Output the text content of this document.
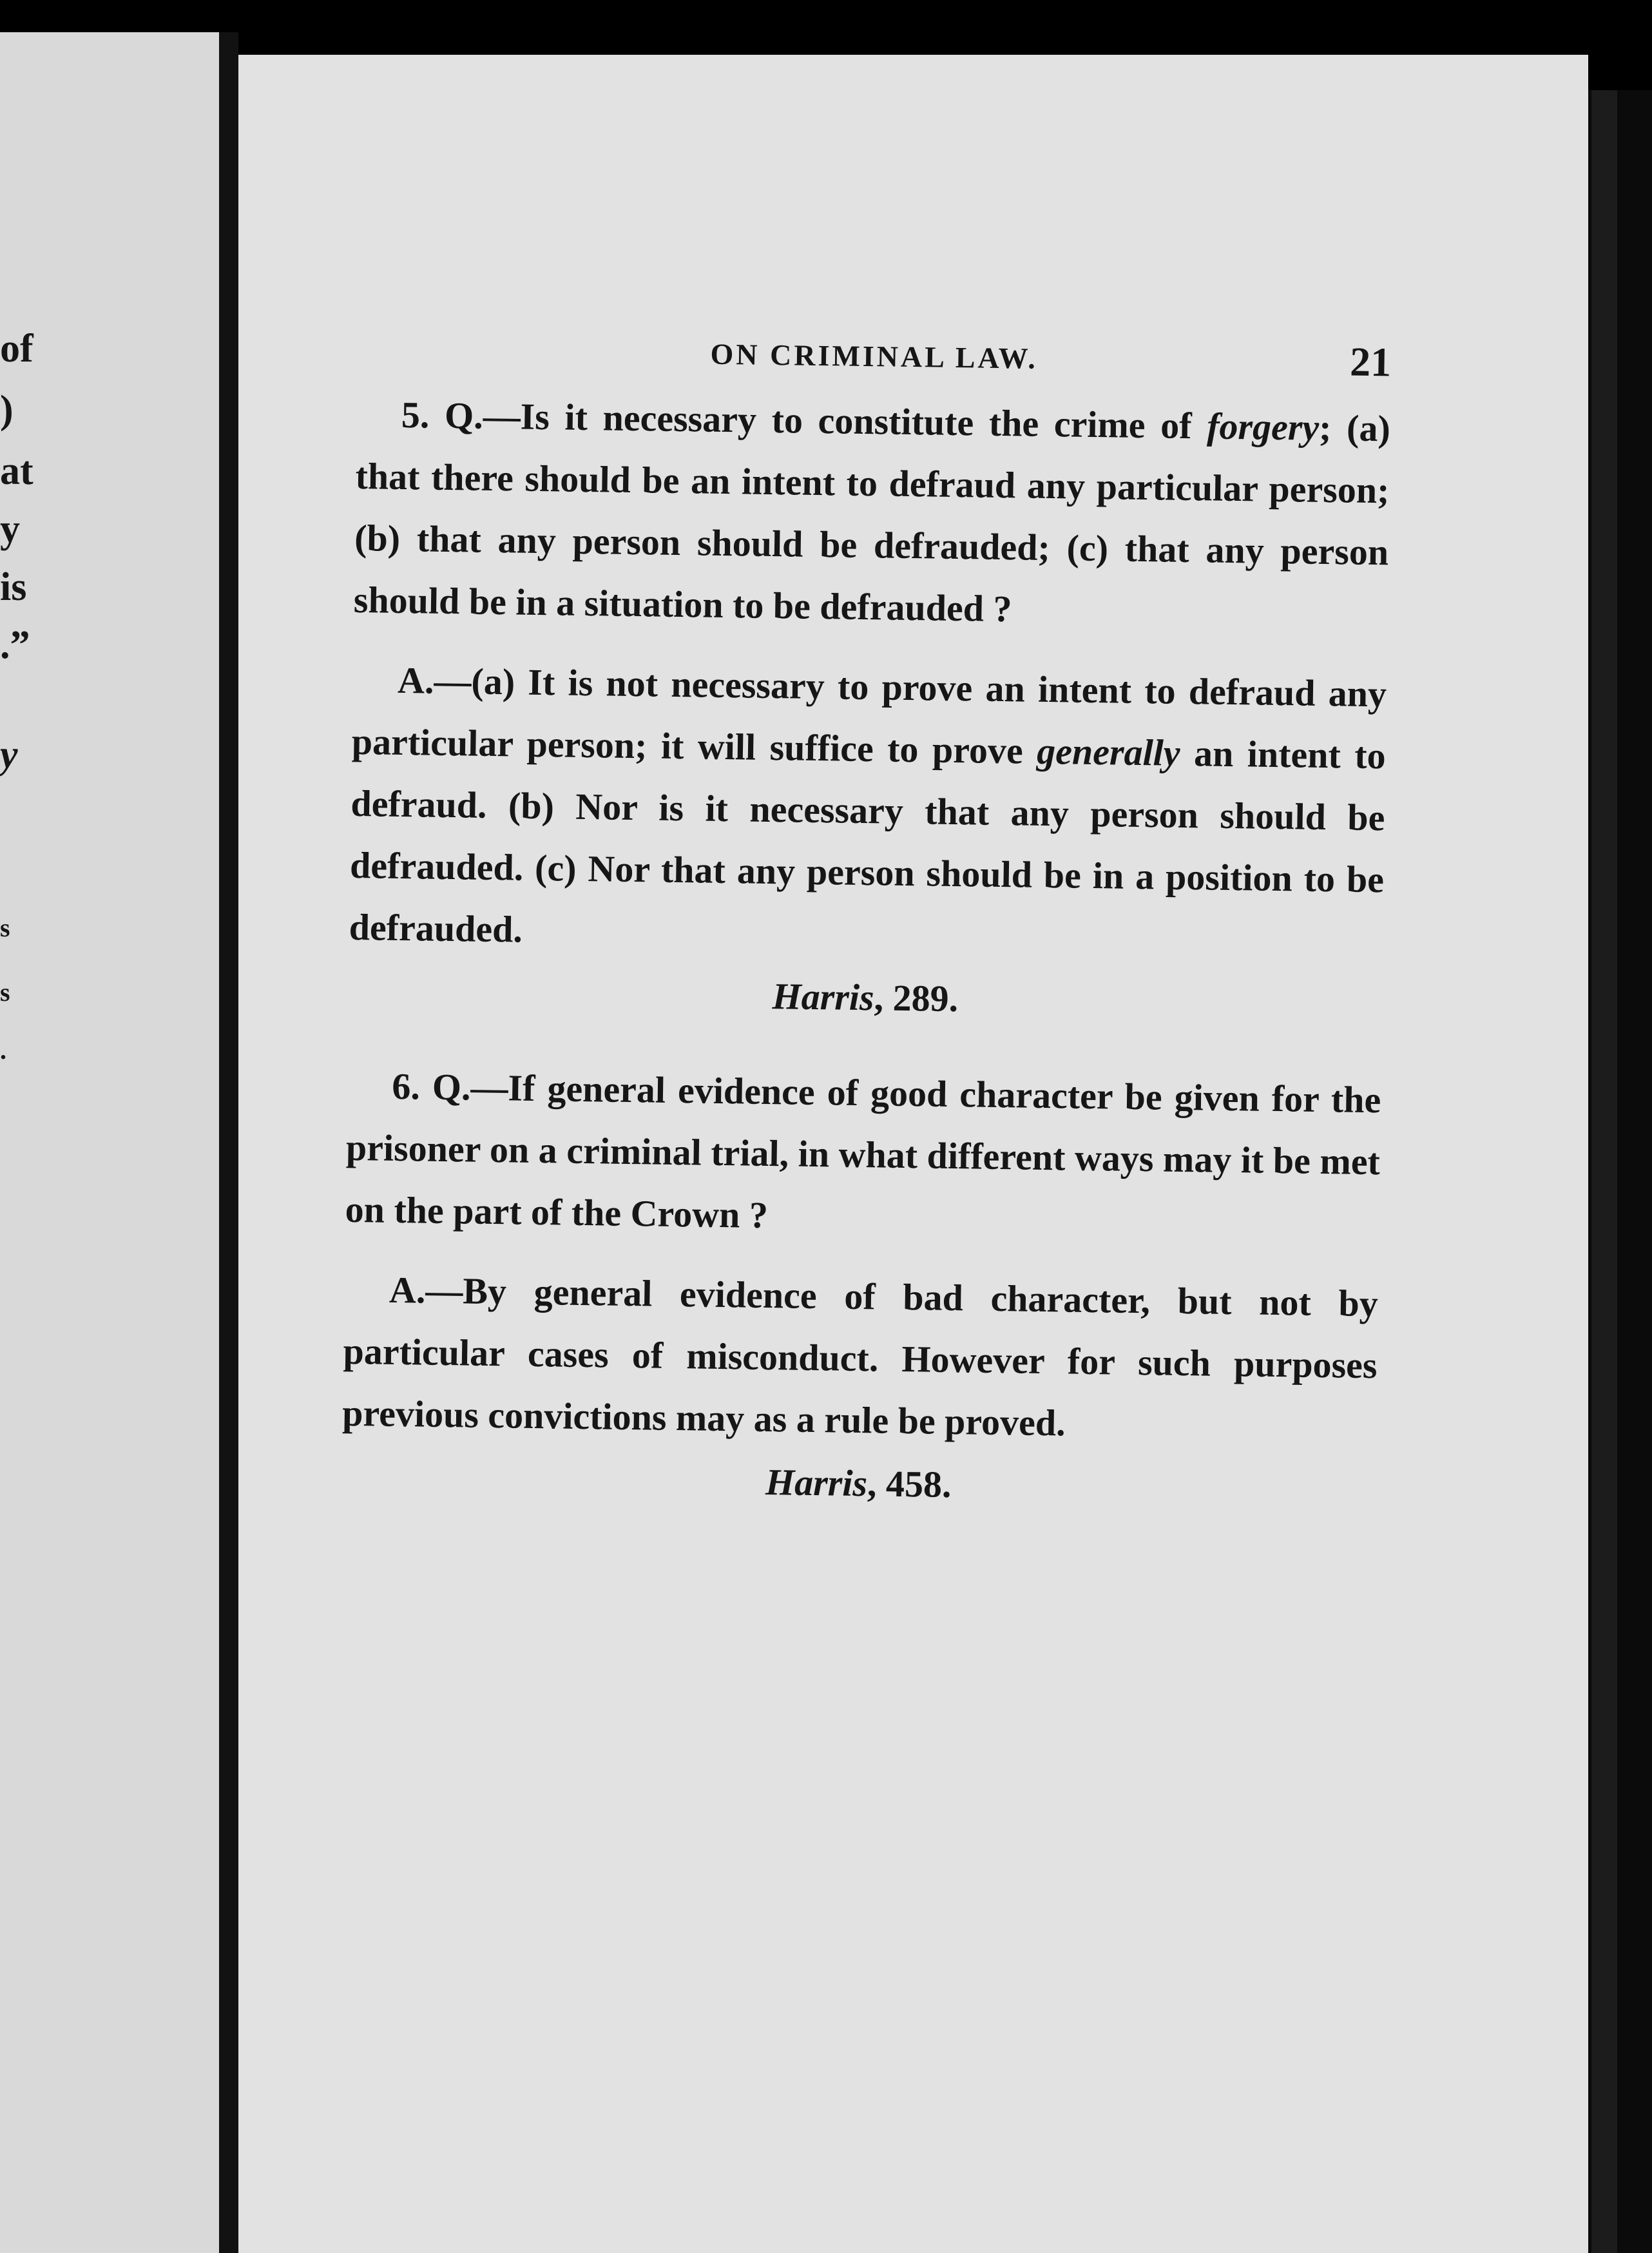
of
)
at
y
is
.”
y
s
s
.
ON CRIMINAL LAW.	21

5. Q.—Is it necessary to constitute the crime of forgery; (a) that there should be an intent to defraud any particular person; (b) that any person should be defrauded; (c) that any person should be in a situation to be defrauded ?

A.—(a) It is not necessary to prove an intent to defraud any particular person; it will suffice to prove generally an intent to defraud. (b) Nor is it necessary that any person should be defrauded. (c) Nor that any person should be in a position to be defrauded.

Harris, 289.

6. Q.—If general evidence of good character be given for the prisoner on a criminal trial, in what different ways may it be met on the part of the Crown ?

A.—By general evidence of bad character, but not by particular cases of misconduct. However for such purposes previous convictions may as a rule be proved.

Harris, 458.
